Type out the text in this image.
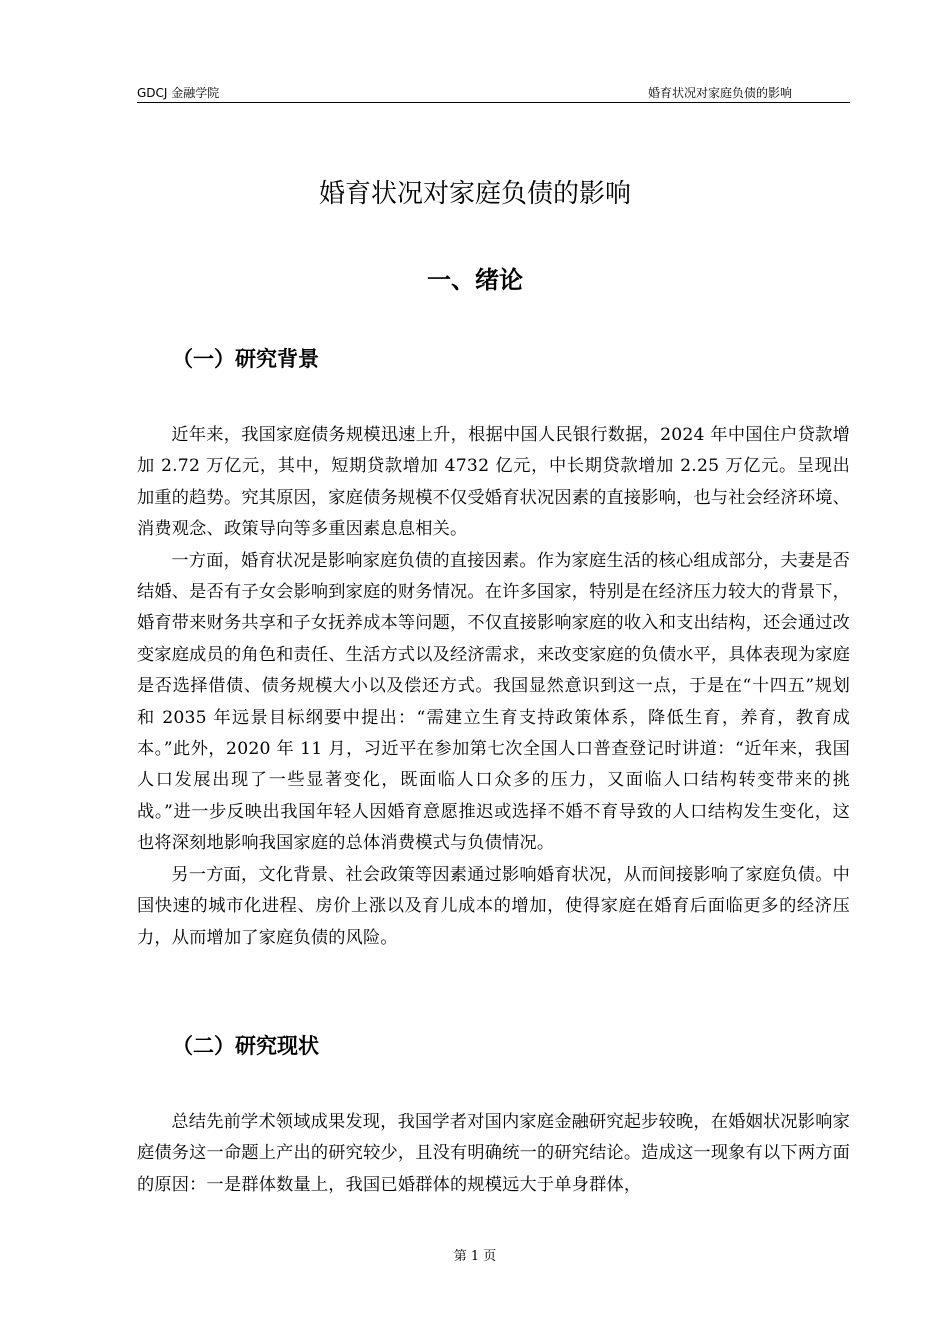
GDCJ 金融学院	婚育状况对家庭负债的影响
婚育状况对家庭负债的影响
一、绪论
（一）研究背景

近年来，我国家庭债务规模迅速上升，根据中国人民银行数据，2024 年中国住户贷款增加 2.72 万亿元，其中，短期贷款增加 4732 亿元，中长期贷款增加 2.25 万亿元。呈现出加重的趋势。究其原因，家庭债务规模不仅受婚育状况因素的直接影响，也与社会经济环境、消费观念、政策导向等多重因素息息相关。

一方面，婚育状况是影响家庭负债的直接因素。作为家庭生活的核心组成部分，夫妻是否结婚、是否有子女会影响到家庭的财务情况。在许多国家，特别是在经济压力较大的背景下，婚育带来财务共享和子女抚养成本等问题，不仅直接影响家庭的收入和支出结构，还会通过改变家庭成员的角色和责任、生活方式以及经济需求，来改变家庭的负债水平，具体表现为家庭是否选择借债、债务规模大小以及偿还方式。我国显然意识到这一点，于是在“十四五”规划和 2035 年远景目标纲要中提出：“需建立生育支持政策体系，降低生育，养育，教育成本。”此外，2020 年 11 月，习近平在参加第七次全国人口普查登记时讲道：“近年来，我国人口发展出现了一些显著变化，既面临人口众多的压力，又面临人口结构转变带来的挑战。”进一步反映出我国年轻人因婚育意愿推迟或选择不婚不育导致的人口结构发生变化，这也将深刻地影响我国家庭的总体消费模式与负债情况。

另一方面，文化背景、社会政策等因素通过影响婚育状况，从而间接影响了家庭负债。中国快速的城市化进程、房价上涨以及育儿成本的增加，使得家庭在婚育后面临更多的经济压力，从而增加了家庭负债的风险。

（二）研究现状

总结先前学术领域成果发现，我国学者对国内家庭金融研究起步较晚，在婚姻状况影响家庭债务这一命题上产出的研究较少，且没有明确统一的研究结论。造成这一现象有以下两方面的原因：一是群体数量上，我国已婚群体的规模远大于单身群体，

第 1 页
